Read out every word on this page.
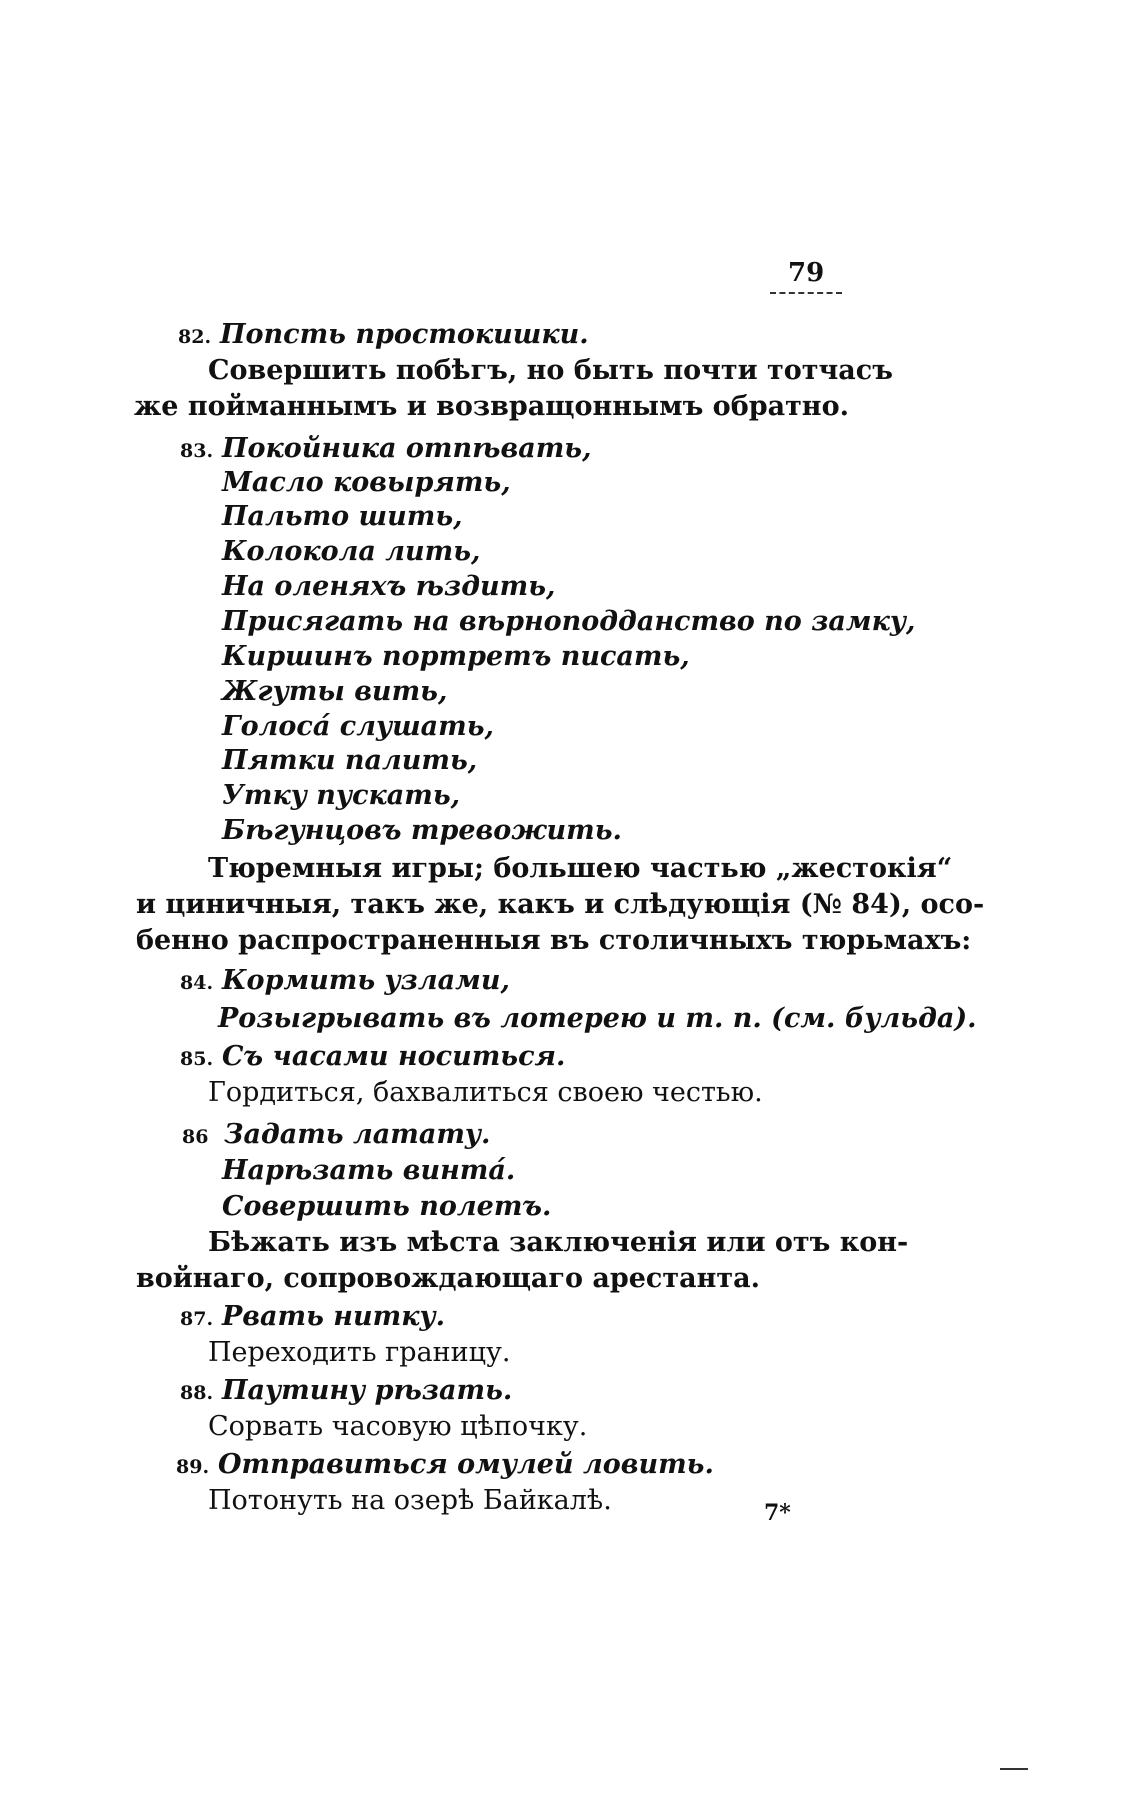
79
82. Попсть простокишки.
Совершить побѣгъ, но быть почти тотчасъ
же пойманнымъ и возвращоннымъ обратно.
83. Покойника отпѣвать,
Масло ковырять,
Пальто шить,
Колокола лить,
На оленяхъ ѣздить,
Присягать на вѣрноподданство по замку,
Киршинъ портретъ писать,
Жгуты вить,
Голоса́ слушать,
Пятки палить,
Утку пускать,
Бѣгунцовъ тревожить.
Тюремныя игры; большею частью „жестокія“
и циничныя, такъ же, какъ и слѣдующія (№ 84), осо-
бенно распространенныя въ столичныхъ тюрьмахъ:
84. Кормить узлами,
Розыгрывать въ лотерею и т. п. (см. бульда).
85. Съ часами носиться.
Гордиться, бахвалиться своею честью.
86 Задать латату.
Нарѣзать винта́.
Совершить полетъ.
Бѣжать изъ мѣста заключенія или отъ кон-
войнаго, сопровождающаго арестанта.
87. Рвать нитку.
Переходить границу.
88. Паутину рѣзать.
Сорвать часовую цѣпочку.
89. Отправиться омулей ловить.
Потонуть на озерѣ Байкалѣ.	7*
